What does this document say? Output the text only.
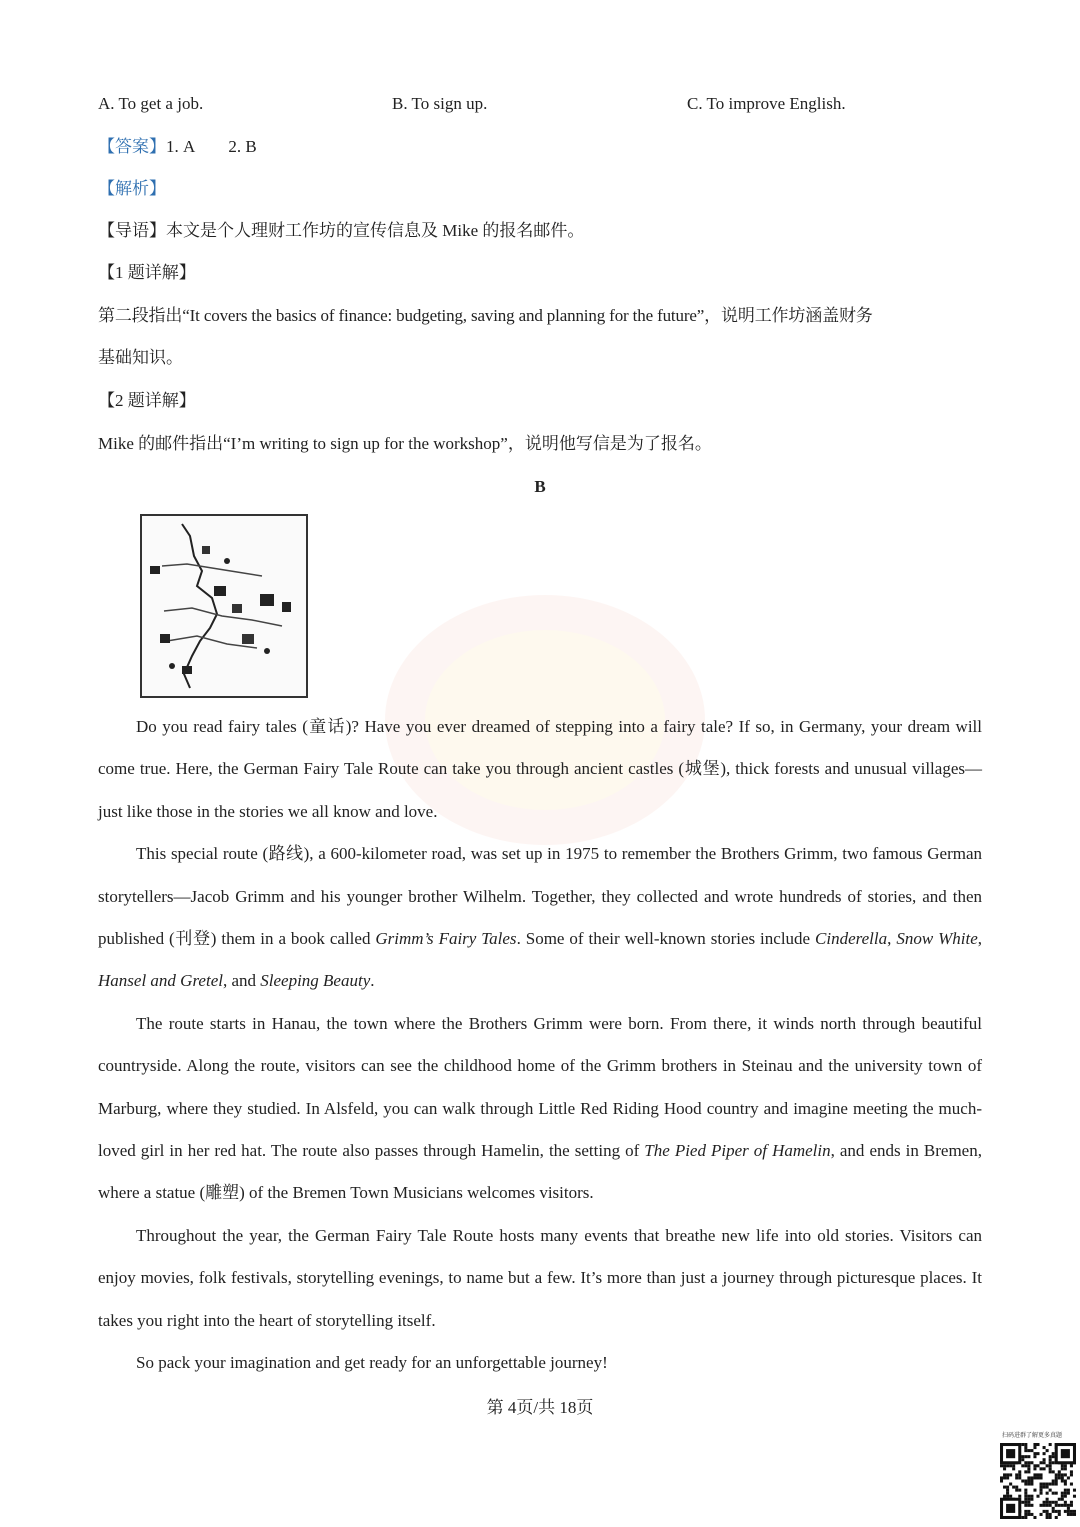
A. To get a job.	B. To sign up.	C. To improve English.
【答案】1. A　　2. B
【解析】
【导语】本文是个人理财工作坊的宣传信息及 Mike 的报名邮件。
【1 题详解】
第二段指出“It covers the basics of finance: budgeting, saving and planning for the future”，说明工作坊涵盖财务
基础知识。
【2 题详解】
Mike 的邮件指出“I’m writing to sign up for the workshop”，说明他写信是为了报名。
B

Do you read fairy tales (童话)? Have you ever dreamed of stepping into a fairy tale? If so, in Germany, your dream will come true. Here, the German Fairy Tale Route can take you through ancient castles (城堡), thick forests and unusual villages—just like those in the stories we all know and love.

This special route (路线), a 600-kilometer road, was set up in 1975 to remember the Brothers Grimm, two famous German storytellers—Jacob Grimm and his younger brother Wilhelm. Together, they collected and wrote hundreds of stories, and then published (刊登) them in a book called Grimm’s Fairy Tales. Some of their well-known stories include Cinderella, Snow White, Hansel and Gretel, and Sleeping Beauty.

The route starts in Hanau, the town where the Brothers Grimm were born. From there, it winds north through beautiful countryside. Along the route, visitors can see the childhood home of the Grimm brothers in Steinau and the university town of Marburg, where they studied. In Alsfeld, you can walk through Little Red Riding Hood country and imagine meeting the much-loved girl in her red hat. The route also passes through Hamelin, the setting of The Pied Piper of Hamelin, and ends in Bremen, where a statue (雕塑) of the Bremen Town Musicians welcomes visitors.

Throughout the year, the German Fairy Tale Route hosts many events that breathe new life into old stories. Visitors can enjoy movies, folk festivals, storytelling evenings, to name but a few. It’s more than just a journey through picturesque places. It takes you right into the heart of storytelling itself.

So pack your imagination and get ready for an unforgettable journey!

第 4页/共 18页
扫码进群了解更多真题
